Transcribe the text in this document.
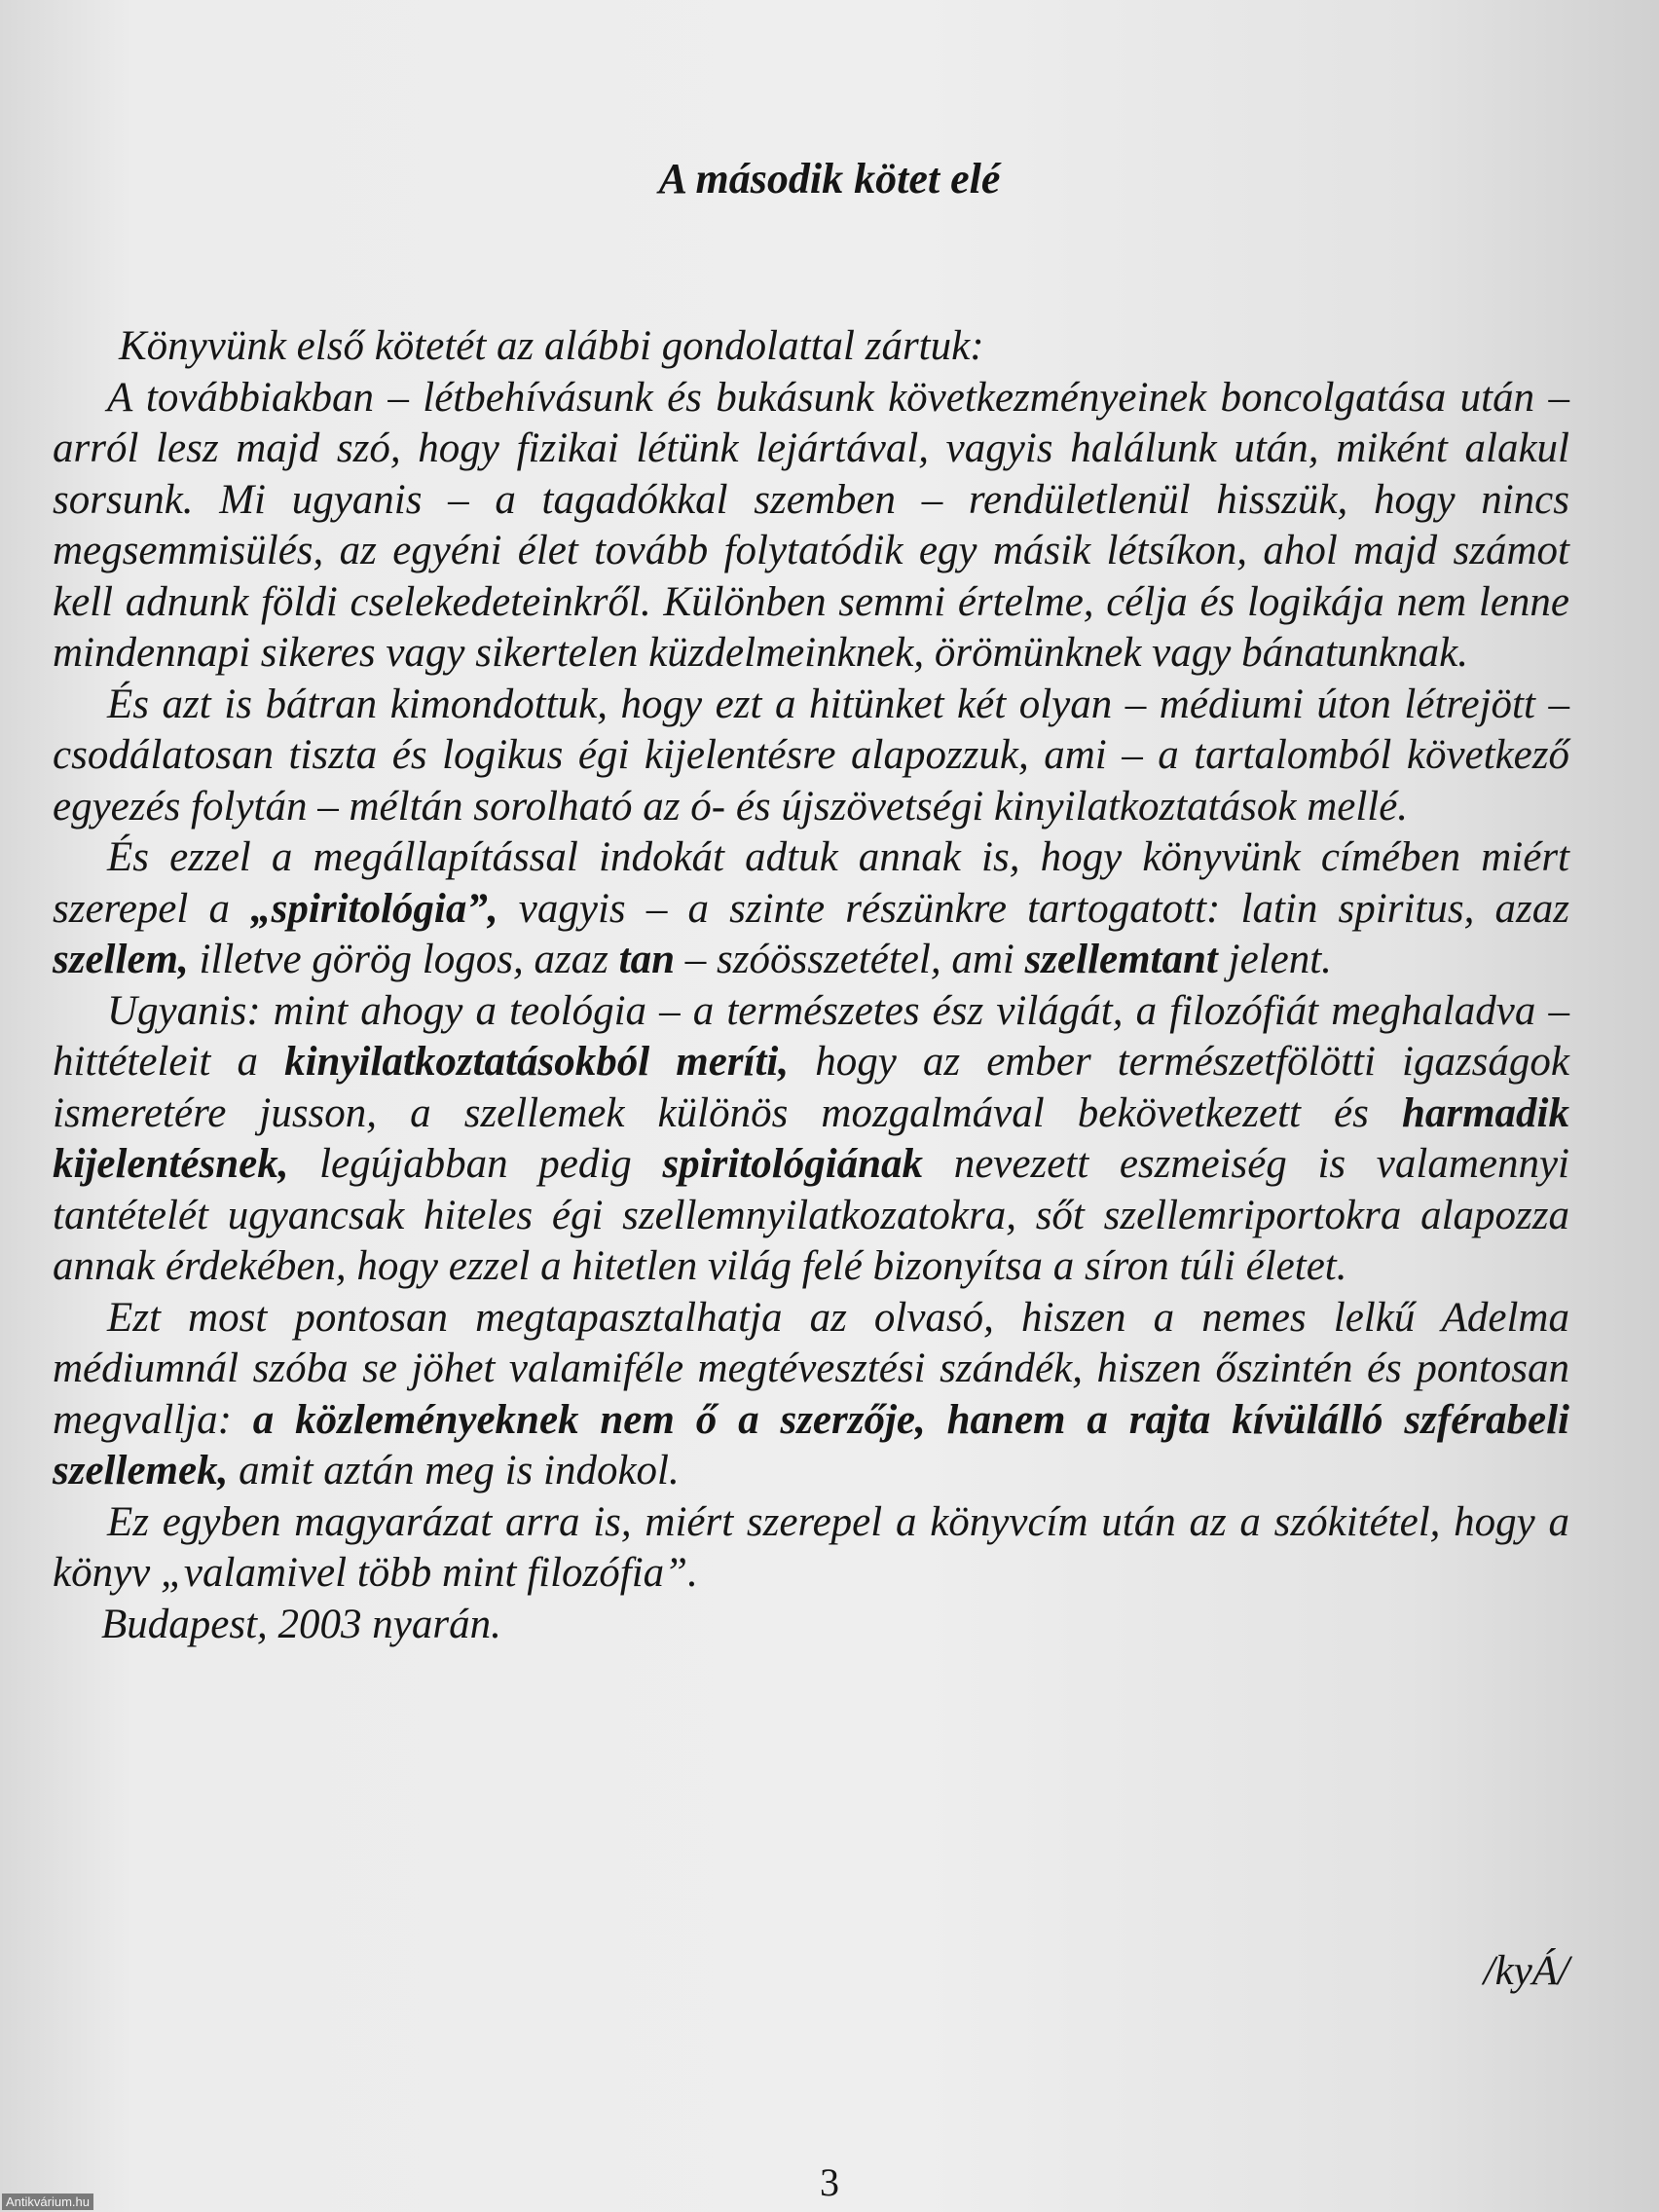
A második kötet elé

Könyvünk első kötetét az alábbi gondolattal zártuk:

A továbbiakban – létbehívásunk és bukásunk következményeinek boncolgatása után – arról lesz majd szó, hogy fizikai létünk lejártával, vagyis halálunk után, miként alakul sorsunk. Mi ugyanis – a tagadókkal szemben – rendületlenül hisszük, hogy nincs megsemmisülés, az egyéni élet tovább folytatódik egy másik létsíkon, ahol majd számot kell adnunk földi cselekedeteinkről. Különben semmi értelme, célja és logikája nem lenne mindennapi sikeres vagy sikertelen küzdelmeinknek, örömünknek vagy bánatunknak.

És azt is bátran kimondottuk, hogy ezt a hitünket két olyan – médiumi úton létrejött – csodálatosan tiszta és logikus égi kijelentésre alapozzuk, ami – a tartalomból következő egyezés folytán – méltán sorolható az ó- és újszövetségi kinyilatkoztatások mellé.

És ezzel a megállapítással indokát adtuk annak is, hogy könyvünk címében miért szerepel a „spiritológia”, vagyis – a szinte részünkre tartogatott: latin spiritus, azaz szellem, illetve görög logos, azaz tan – szóösszetétel, ami szellemtant jelent.

Ugyanis: mint ahogy a teológia – a természetes ész világát, a filozófiát meghaladva – hittételeit a kinyilatkoztatásokból meríti, hogy az ember természetfölötti igazságok ismeretére jusson, a szellemek különös mozgalmával bekövetkezett és harmadik kijelentésnek, legújabban pedig spiritológiának nevezett eszmeiség is valamennyi tantételét ugyancsak hiteles égi szellemnyilatkozatokra, sőt szellemriportokra alapozza annak érdekében, hogy ezzel a hitetlen világ felé bizonyítsa a síron túli életet.

Ezt most pontosan megtapasztalhatja az olvasó, hiszen a nemes lelkű Adelma médiumnál szóba se jöhet valamiféle megtévesztési szándék, hiszen őszintén és pontosan megvallja: a közleményeknek nem ő a szerzője, hanem a rajta kívülálló szférabeli szellemek, amit aztán meg is indokol.

Ez egyben magyarázat arra is, miért szerepel a könyvcím után az a szókitétel, hogy a könyv „valamivel több mint filozófia”.

Budapest, 2003 nyarán.

/kyÁ/
3
Antikvárium.hu
